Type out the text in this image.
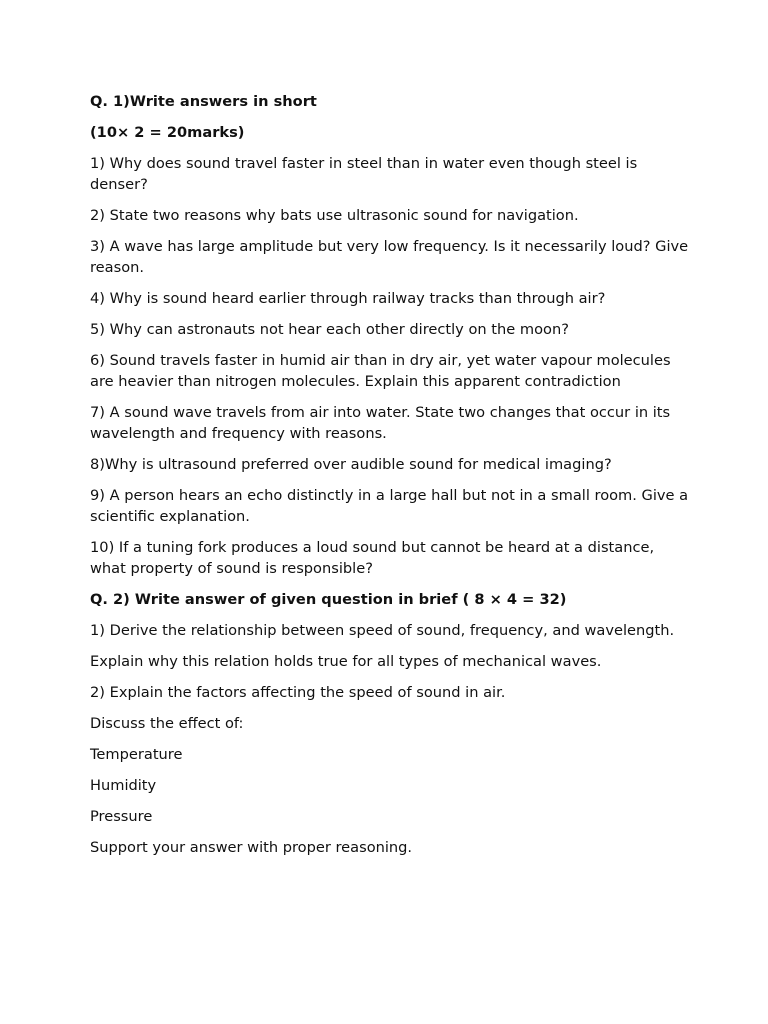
Q. 1)Write answers in short

(10× 2 = 20marks)

1) Why does sound travel faster in steel than in water even though steel is denser?

2) State two reasons why bats use ultrasonic sound for navigation.

3) A wave has large amplitude but very low frequency. Is it necessarily loud? Give reason.

4) Why is sound heard earlier through railway tracks than through air?

5) Why can astronauts not hear each other directly on the moon?

6) Sound travels faster in humid air than in dry air, yet water vapour molecules are heavier than nitrogen molecules. Explain this apparent contradiction

7) A sound wave travels from air into water. State two changes that occur in its wavelength and frequency with reasons.

8)Why is ultrasound preferred over audible sound for medical imaging?

9) A person hears an echo distinctly in a large hall but not in a small room. Give a scientific explanation.

10) If a tuning fork produces a loud sound but cannot be heard at a distance, what property of sound is responsible?

Q. 2) Write answer of given question in brief ( 8 × 4 = 32)

1) Derive the relationship between speed of sound, frequency, and wavelength.

Explain why this relation holds true for all types of mechanical waves.

2) Explain the factors affecting the speed of sound in air.

Discuss the effect of:

Temperature

Humidity

Pressure

Support your answer with proper reasoning.
